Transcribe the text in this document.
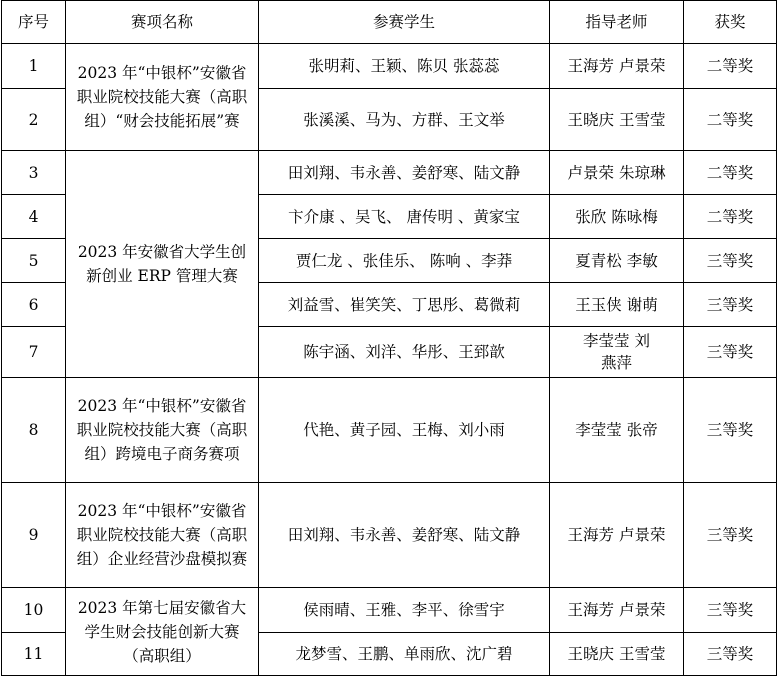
序号	赛项名称	参赛学生	指导老师	获奖
1	2023 年“中银杯”安徽省职业院校技能大赛（高职组）“财会技能拓展”赛	张明莉、王颖、陈贝 张蕊蕊	王海芳 卢景荣	二等奖
2		张溪溪、马为、方群、王文举	王晓庆 王雪莹	二等奖
3	2023 年安徽省大学生创新创业 ERP 管理大赛	田刘翔、韦永善、姜舒寒、陆文静	卢景荣 朱琼琳	二等奖
4		卞介康 、吴飞、 唐传明 、黄家宝	张欣 陈咏梅	二等奖
5		贾仁龙 、张佳乐、 陈响 、李莽	夏青松 李敏	三等奖
6		刘益雪、崔笑笑、丁思彤、葛微莉	王玉侠 谢萌	三等奖
7		陈宇涵、刘洋、华彤、王郅歆	李莹莹 刘燕萍	三等奖
8	2023 年“中银杯”安徽省职业院校技能大赛（高职组）跨境电子商务赛项	代艳、黄子园、王梅、刘小雨	李莹莹 张帝	三等奖
9	2023 年“中银杯”安徽省职业院校技能大赛（高职组）企业经营沙盘模拟赛	田刘翔、韦永善、姜舒寒、陆文静	王海芳 卢景荣	三等奖
10	2023 年第七届安徽省大学生财会技能创新大赛（高职组）	侯雨晴、王雅、李平、徐雪宇	王海芳 卢景荣	三等奖
11		龙梦雪、王鹏、单雨欣、沈广碧	王晓庆 王雪莹	三等奖
